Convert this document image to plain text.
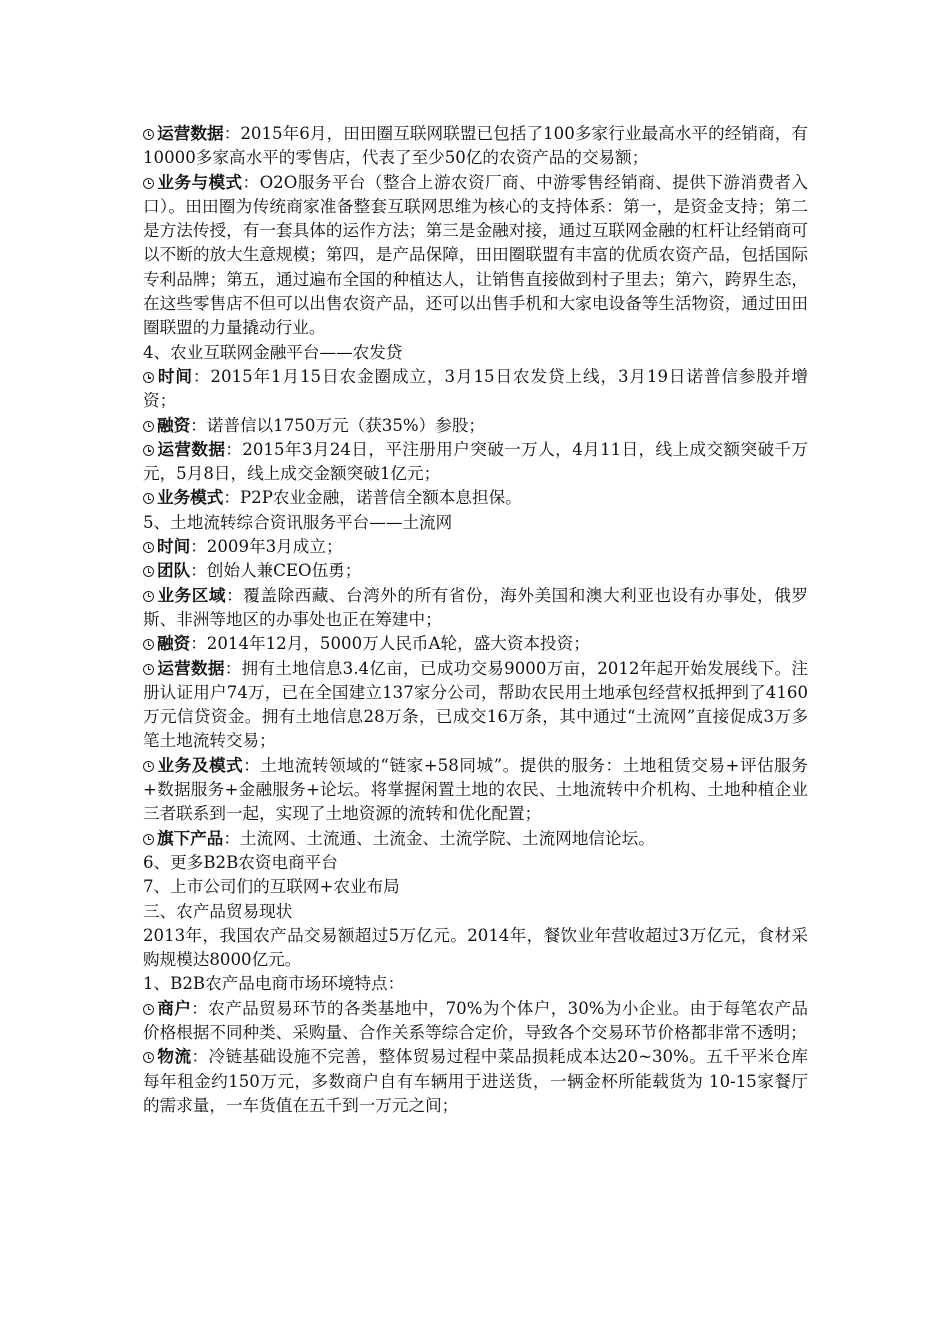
运营数据：2015年6月，田田圈互联网联盟已包括了100多家行业最高水平的经销商，有10000多家高水平的零售店，代表了至少50亿的农资产品的交易额；

业务与模式：O2O服务平台（整合上游农资厂商、中游零售经销商、提供下游消费者入口）。田田圈为传统商家准备整套互联网思维为核心的支持体系：第一，是资金支持；第二是方法传授，有一套具体的运作方法；第三是金融对接，通过互联网金融的杠杆让经销商可以不断的放大生意规模；第四，是产品保障，田田圈联盟有丰富的优质农资产品，包括国际专利品牌；第五，通过遍布全国的种植达人，让销售直接做到村子里去；第六，跨界生态，在这些零售店不但可以出售农资产品，还可以出售手机和大家电设备等生活物资，通过田田圈联盟的力量撬动行业。

4、农业互联网金融平台——农发贷

时间：2015年1月15日农金圈成立，3月15日农发贷上线，3月19日诺普信参股并增资；

融资：诺普信以1750万元（获35%）参股；

运营数据：2015年3月24日，平注册用户突破一万人，4月11日，线上成交额突破千万元，5月8日，线上成交金额突破1亿元；

业务模式：P2P农业金融，诺普信全额本息担保。

5、土地流转综合资讯服务平台——土流网

时间：2009年3月成立；

团队：创始人兼CEO伍勇；

业务区域：覆盖除西藏、台湾外的所有省份，海外美国和澳大利亚也设有办事处，俄罗斯、非洲等地区的办事处也正在筹建中；

融资：2014年12月，5000万人民币A轮，盛大资本投资；

运营数据：拥有土地信息3.4亿亩，已成功交易9000万亩，2012年起开始发展线下。注册认证用户74万，已在全国建立137家分公司，帮助农民用土地承包经营权抵押到了4160万元信贷资金。拥有土地信息28万条，已成交16万条，其中通过“土流网”直接促成3万多笔土地流转交易；

业务及模式：土地流转领域的“链家+58同城”。提供的服务：土地租赁交易+评估服务+数据服务+金融服务+论坛。将掌握闲置土地的农民、土地流转中介机构、土地种植企业三者联系到一起，实现了土地资源的流转和优化配置；

旗下产品：土流网、土流通、土流金、土流学院、土流网地信论坛。

6、更多B2B农资电商平台

7、上市公司们的互联网+农业布局

三、农产品贸易现状

2013年，我国农产品交易额超过5万亿元。2014年，餐饮业年营收超过3万亿元，食材采购规模达8000亿元。

1、B2B农产品电商市场环境特点：

商户：农产品贸易环节的各类基地中，70%为个体户，30%为小企业。由于每笔农产品价格根据不同种类、采购量、合作关系等综合定价，导致各个交易环节价格都非常不透明；

物流：冷链基础设施不完善，整体贸易过程中菜品损耗成本达20~30%。五千平米仓库每年租金约150万元，多数商户自有车辆用于进送货，一辆金杯所能载货为 10-15家餐厅的需求量，一车货值在五千到一万元之间；
